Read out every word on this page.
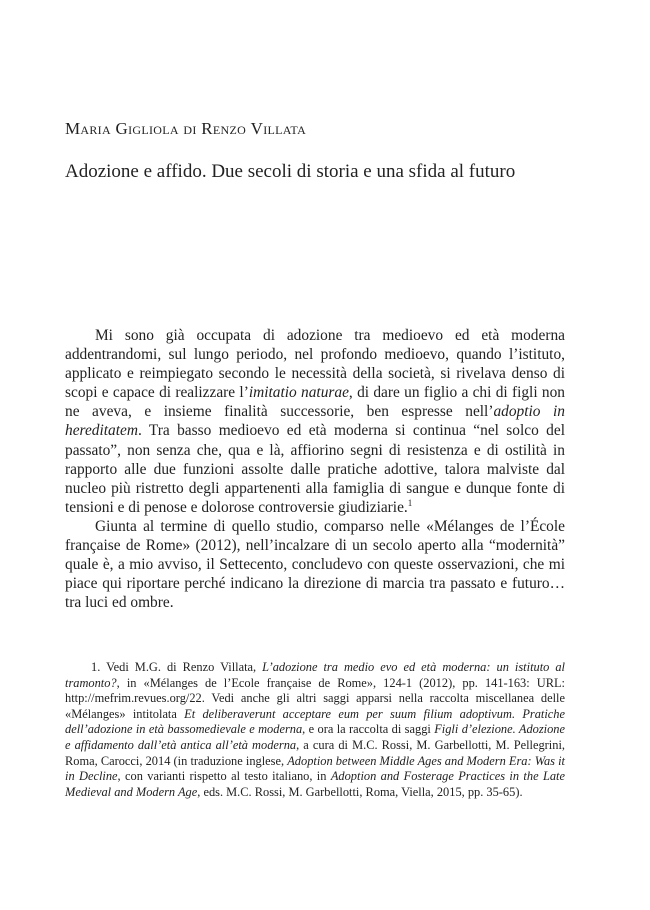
Maria Gigliola di Renzo Villata
Adozione e affido. Due secoli di storia e una sfida al futuro

Mi sono già occupata di adozione tra medioevo ed età moderna addentrandomi, sul lungo periodo, nel profondo medioevo, quando l’istituto, applicato e reimpiegato secondo le necessità della società, si rivelava denso di scopi e capace di realizzare l’imitatio naturae, di dare un figlio a chi di figli non ne aveva, e insieme finalità successorie, ben espresse nell’adoptio in hereditatem. Tra basso medioevo ed età moderna si continua “nel solco del passato”, non senza che, qua e là, affiorino segni di resistenza e di ostilità in rapporto alle due funzioni assolte dalle pratiche adottive, talora malviste dal nucleo più ristretto degli appartenenti alla famiglia di sangue e dunque fonte di tensioni e di penose e dolorose controversie giudiziarie.$^1$

Giunta al termine di quello studio, comparso nelle «Mélanges de l’École française de Rome» (2012), nell’incalzare di un secolo aperto alla “modernità” quale è, a mio avviso, il Settecento, concludevo con queste osservazioni, che mi piace qui riportare perché indicano la direzione di marcia tra passato e futuro… tra luci ed ombre.

1. Vedi M.G. di Renzo Villata, L’adozione tra medio evo ed età moderna: un istituto al tramonto?, in «Mélanges de l’Ecole française de Rome», 124-1 (2012), pp. 141-163: URL: http://mefrim.revues.org/22. Vedi anche gli altri saggi apparsi nella raccolta miscellanea delle «Mélanges» intitolata Et deliberaverunt acceptare eum per suum filium adoptivum. Pratiche dell’adozione in età bassomedievale e moderna, e ora la raccolta di saggi Figli d’elezione. Adozione e affidamento dall’età antica all’età moderna, a cura di M.C. Rossi, M. Garbellotti, M. Pellegrini, Roma, Carocci, 2014 (in traduzione inglese, Adoption between Middle Ages and Modern Era: Was it in Decline, con varianti rispetto al testo italiano, in Adoption and Fosterage Practices in the Late Medieval and Modern Age, eds. M.C. Rossi, M. Garbellotti, Roma, Viella, 2015, pp. 35-65).
